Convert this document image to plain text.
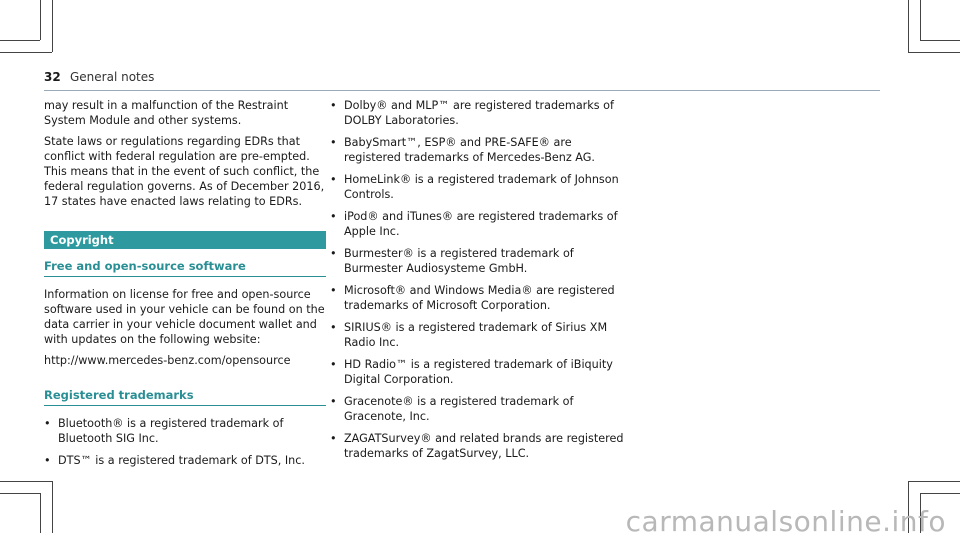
32 General notes

may result in a malfunction of the Restraint System Module and other systems.

State laws or regulations regarding EDRs that conflict with federal regulation are pre-empted. This means that in the event of such conflict, the federal regulation governs. As of December 2016, 17 states have enacted laws relating to EDRs.

Copyright
Free and open-source software

Information on license for free and open-source software used in your vehicle can be found on the data carrier in your vehicle document wallet and with updates on the following website:

http://www.mercedes-benz.com/opensource

Registered trademarks
• Bluetooth® is a registered trademark of Bluetooth SIG Inc.
• DTS™ is a registered trademark of DTS, Inc.
• Dolby® and MLP™ are registered trademarks of DOLBY Laboratories.
• BabySmart™, ESP® and PRE-SAFE® are registered trademarks of Mercedes-Benz AG.
• HomeLink® is a registered trademark of Johnson Controls.
• iPod® and iTunes® are registered trademarks of Apple Inc.
• Burmester® is a registered trademark of Burmester Audiosysteme GmbH.
• Microsoft® and Windows Media® are registered trademarks of Microsoft Corporation.
• SIRIUS® is a registered trademark of Sirius XM Radio Inc.
• HD Radio™ is a registered trademark of iBiquity Digital Corporation.
• Gracenote® is a registered trademark of Gracenote, Inc.
• ZAGATSurvey® and related brands are registered trademarks of ZagatSurvey, LLC.
carmanualsonline.info
